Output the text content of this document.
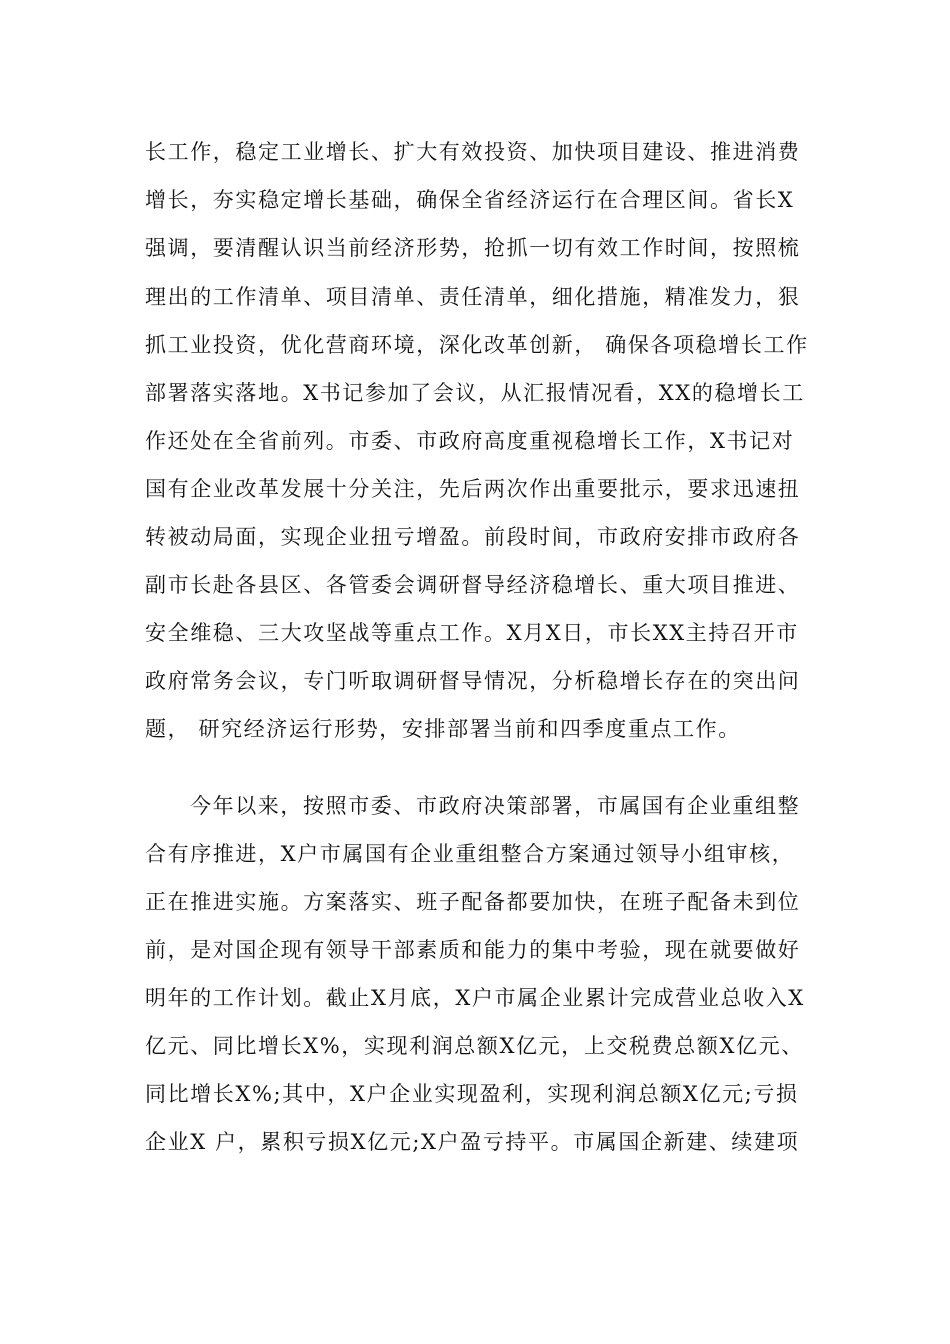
长工作，稳定工业增长、扩大有效投资、加快项目建设、推进消费
增长，夯实稳定增长基础，确保全省经济运行在合理区间。省长X
强调，要清醒认识当前经济形势，抢抓一切有效工作时间，按照梳
理出的工作清单、项目清单、责任清单，细化措施，精准发力，狠
抓工业投资，优化营商环境，深化改革创新， 确保各项稳增长工作
部署落实落地。X书记参加了会议，从汇报情况看，XX的稳增长工
作还处在全省前列。市委、市政府高度重视稳增长工作，X书记对
国有企业改革发展十分关注，先后两次作出重要批示，要求迅速扭
转被动局面，实现企业扭亏增盈。前段时间，市政府安排市政府各
副市长赴各县区、各管委会调研督导经济稳增长、重大项目推进、
安全维稳、三大攻坚战等重点工作。X月X日，市长XX主持召开市
政府常务会议，专门听取调研督导情况，分析稳增长存在的突出问
题， 研究经济运行形势，安排部署当前和四季度重点工作。
今年以来，按照市委、市政府决策部署，市属国有企业重组整
合有序推进，X户市属国有企业重组整合方案通过领导小组审核，
正在推进实施。方案落实、班子配备都要加快，在班子配备未到位
前，是对国企现有领导干部素质和能力的集中考验，现在就要做好
明年的工作计划。截止X月底，X户市属企业累计完成营业总收入X
亿元、同比增长X%，实现利润总额X亿元，上交税费总额X亿元、
同比增长X%;其中，X户企业实现盈利，实现利润总额X亿元;亏损
企业X 户，累积亏损X亿元;X户盈亏持平。市属国企新建、续建项
